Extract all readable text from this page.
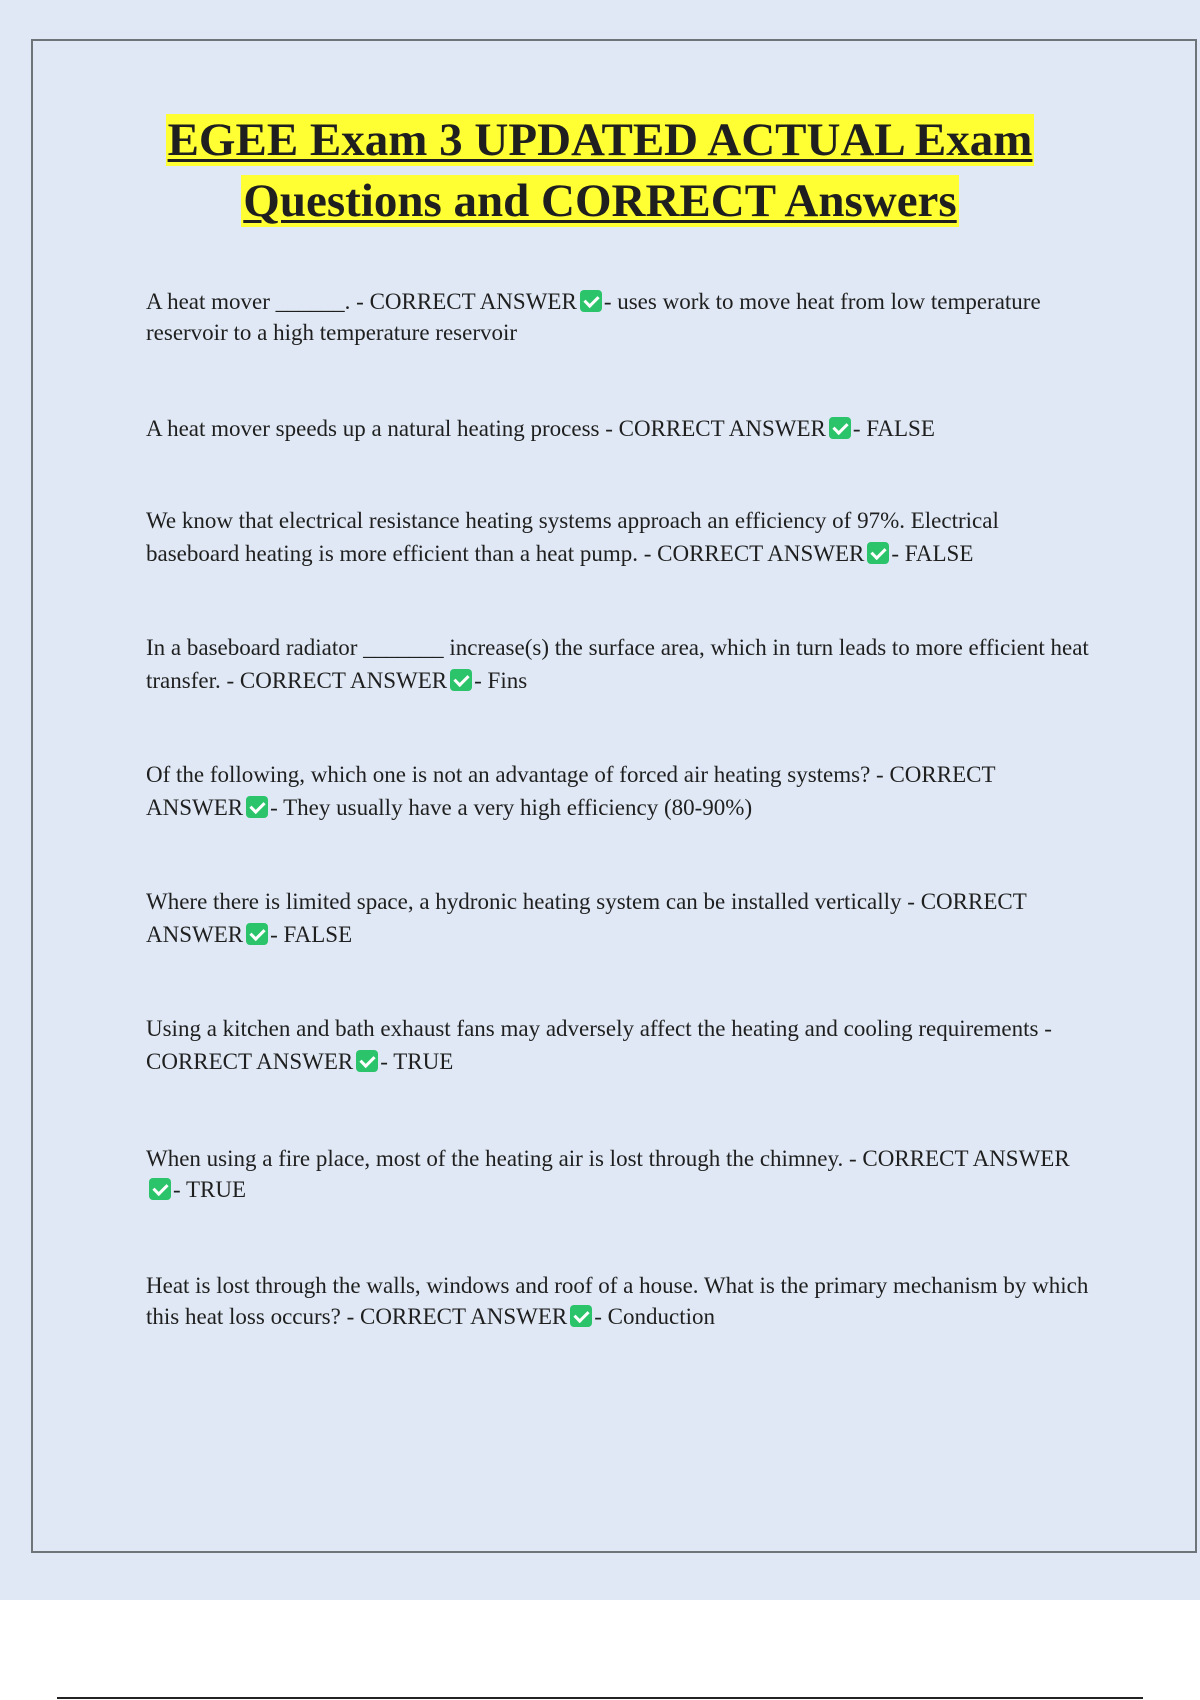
EGEE Exam 3 UPDATED ACTUAL Exam
Questions and CORRECT Answers

A heat mover ______. - CORRECT ANSWER - uses work to move heat from low temperature reservoir to a high temperature reservoir

A heat mover speeds up a natural heating process - CORRECT ANSWER - FALSE

We know that electrical resistance heating systems approach an efficiency of 97%. Electrical baseboard heating is more efficient than a heat pump. - CORRECT ANSWER - FALSE

In a baseboard radiator _______ increase(s) the surface area, which in turn leads to more efficient heat transfer. - CORRECT ANSWER - Fins

Of the following, which one is not an advantage of forced air heating systems? - CORRECT ANSWER - They usually have a very high efficiency (80-90%)

Where there is limited space, a hydronic heating system can be installed vertically - CORRECT ANSWER - FALSE

Using a kitchen and bath exhaust fans may adversely affect the heating and cooling requirements - CORRECT ANSWER - TRUE

When using a fire place, most of the heating air is lost through the chimney. - CORRECT ANSWER- TRUE

Heat is lost through the walls, windows and roof of a house. What is the primary mechanism by which this heat loss occurs? - CORRECT ANSWER - Conduction
